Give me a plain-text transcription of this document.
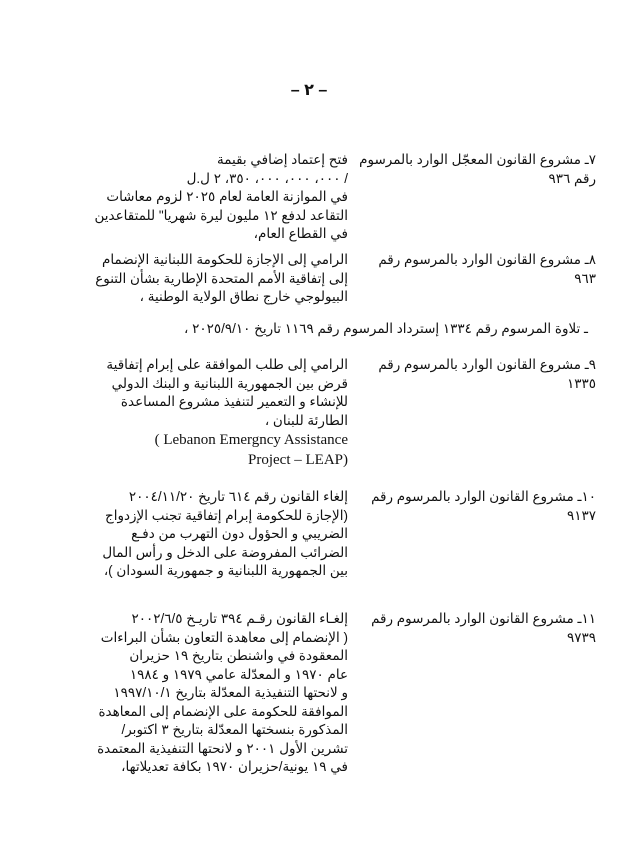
– ٢ –
٧ـ مشروع القانون المعجّل الوارد بالمرسوم رقم ٩٣٦
فتح إعتماد إضافي بقيمة
/ ٠٠٠، ٠٠٠، ٠٠٠، ٣٥٠، ٢ ل.ل
في الموازنة العامة لعام ٢٠٢٥ لزوم معاشات
التقاعد لدفع ١٢ مليون ليرة شهريا" للمتقاعدين
في القطاع العام،
٨ـ مشروع القانون الوارد بالمرسوم رقم ٩٦٣
الرامي إلى الإجازة للحكومة اللبنانية الإنضمام
إلى إتفاقية الأمم المتحدة الإطارية بشأن التنوع
البيولوجي خارج نطاق الولاية الوطنية ،
ـ تلاوة المرسوم رقم ١٣٣٤ إسترداد المرسوم رقم ١١٦٩ تاريخ ٢٠٢٥/٩/١٠ ،
٩ـ مشروع القانون الوارد بالمرسوم رقم ١٣٣٥
الرامي إلى طلب الموافقة على إبرام إتفاقية
قرض بين الجمهورية اللبنانية و البنك الدولي
للإنشاء و التعمير لتنفيذ مشروع المساعدة
الطارئة للبنان ،
( Lebanon Emergncy Assistance
Project – LEAP)
١٠ـ مشروع القانون الوارد بالمرسوم رقم ٩١٣٧
إلغاء القانون رقم ٦١٤ تاريخ ٢٠٠٤/١١/٢٠
(الإجازة للحكومة إبرام إتفاقية تجنب الإزدواج
الضريبي و الحؤول دون التهرب من دفـع
الضرائب المفروضة على الدخل و رأس المال
بين الجمهورية اللبنانية و جمهورية السودان )،
١١ـ مشروع القانون الوارد بالمرسوم رقم ٩٧٣٩
إلغـاء القانون رقـم ٣٩٤ تاريـخ ٢٠٠٢/٦/٥
( الإنضمام إلى معاهدة التعاون بشأن البراءات
المعقودة في واشنطن بتاريخ ١٩ حزيران
عام ١٩٧٠ و المعدّلة عامي ١٩٧٩ و ١٩٨٤
و لانحتها التنفيذية المعدّلة بتاريخ ١٩٩٧/١٠/١
الموافقة للحكومة على الإنضمام إلى المعاهدة
المذكورة بنسختها المعدّلة بتاريخ ٣ اكتوبر/
تشرين الأول ٢٠٠١ و لانحتها التنفيذية المعتمدة
في ١٩ يونية/حزيران ١٩٧٠ بكافة تعديلاتها،
